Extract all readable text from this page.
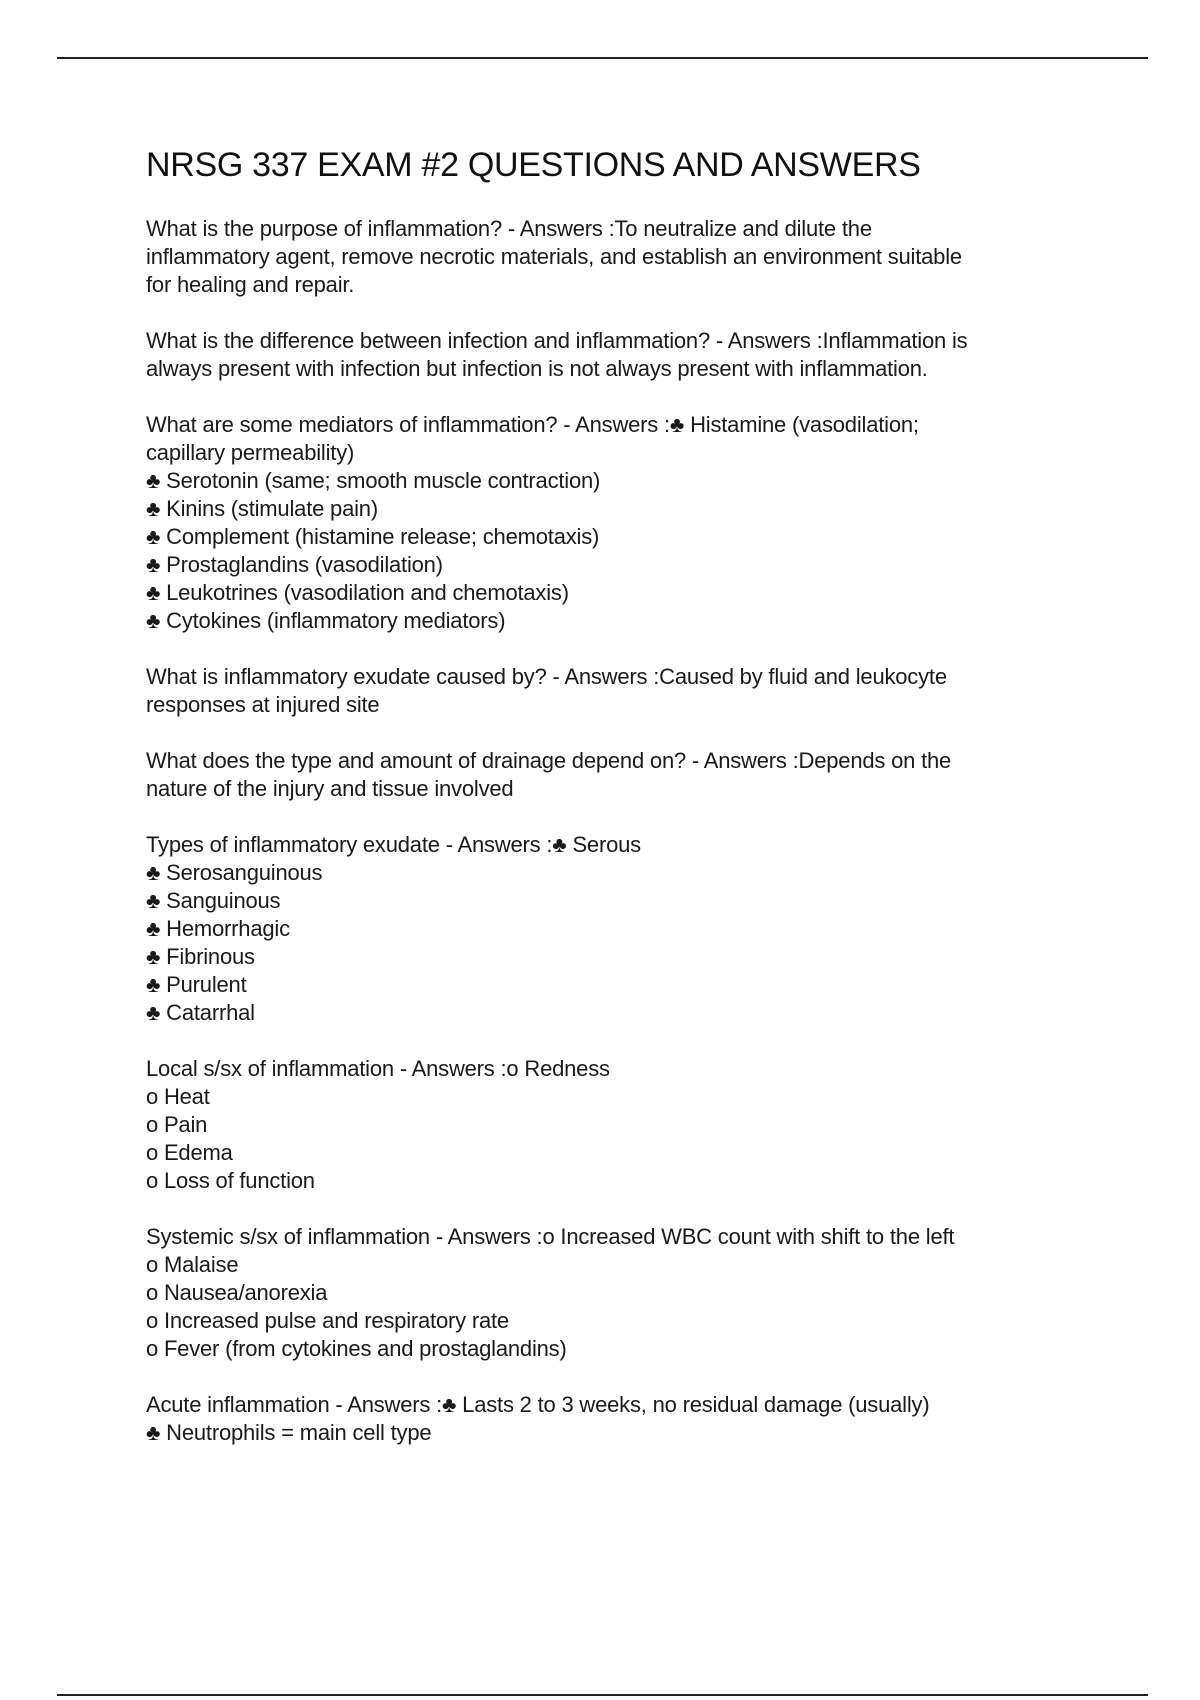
NRSG 337 EXAM #2 QUESTIONS AND ANSWERS

What is the purpose of inflammation? - Answers :To neutralize and dilute the
inflammatory agent, remove necrotic materials, and establish an environment suitable
for healing and repair.

What is the difference between infection and inflammation? - Answers :Inflammation is
always present with infection but infection is not always present with inflammation.

What are some mediators of inflammation? - Answers :♣ Histamine (vasodilation;
capillary permeability)
♣ Serotonin (same; smooth muscle contraction)
♣ Kinins (stimulate pain)
♣ Complement (histamine release; chemotaxis)
♣ Prostaglandins (vasodilation)
♣ Leukotrines (vasodilation and chemotaxis)
♣ Cytokines (inflammatory mediators)

What is inflammatory exudate caused by? - Answers :Caused by fluid and leukocyte
responses at injured site

What does the type and amount of drainage depend on? - Answers :Depends on the
nature of the injury and tissue involved

Types of inflammatory exudate - Answers :♣ Serous
♣ Serosanguinous
♣ Sanguinous
♣ Hemorrhagic
♣ Fibrinous
♣ Purulent
♣ Catarrhal

Local s/sx of inflammation - Answers :o Redness
o Heat
o Pain
o Edema
o Loss of function

Systemic s/sx of inflammation - Answers :o Increased WBC count with shift to the left
o Malaise
o Nausea/anorexia
o Increased pulse and respiratory rate
o Fever (from cytokines and prostaglandins)

Acute inflammation - Answers :♣ Lasts 2 to 3 weeks, no residual damage (usually)
♣ Neutrophils = main cell type
